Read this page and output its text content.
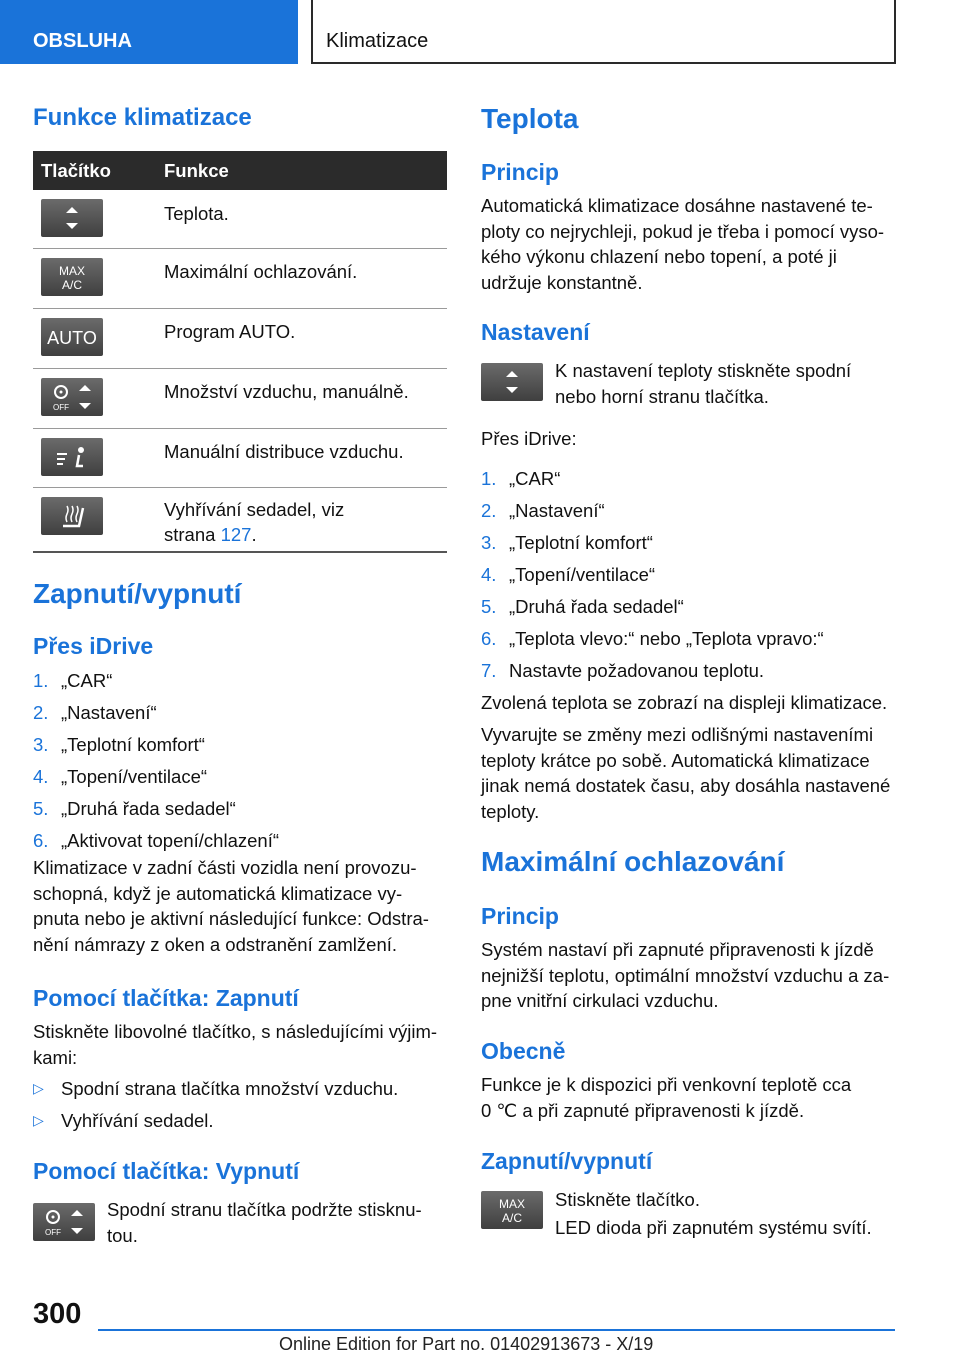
OBSLUHA	Klimatizace
Funkce klimatizace
Tlačítko	Funkce
Teplota.
MAX
A/C
Maximální ochlazování.
AUTO	Program AUTO.
OFF
Množství vzduchu, manuálně.
Manuální distribuce vzduchu.
Vyhřívání sedadel, viz
strana 127.
Zapnutí/vypnutí
Přes iDrive
1. „CAR“
2. „Nastavení“
3. „Teplotní komfort“
4. „Topení/ventilace“
5. „Druhá řada sedadel“
6. „Aktivovat topení/chlazení“

Klimatizace v zadní části vozidla není provozu-

schopná, když je automatická klimatizace vy-

pnuta nebo je aktivní následující funkce: Odstra-

nění námrazy z oken a odstranění zamlžení.

Pomocí tlačítka: Zapnutí

Stiskněte libovolné tlačítko, s následujícími výjim-

kami:

▷ Spodní strana tlačítka množství vzduchu.
▷ Vyhřívání sedadel.
Pomocí tlačítka: Vypnutí
OFF

Spodní stranu tlačítka podržte stisknu-

tou.

Teplota
Princip

Automatická klimatizace dosáhne nastavené te-

ploty co nejrychleji, pokud je třeba i pomocí vyso-

kého výkonu chlazení nebo topení, a poté ji

udržuje konstantně.

Nastavení

K nastavení teploty stiskněte spodní

nebo horní stranu tlačítka.

Přes iDrive:

1. „CAR“
2. „Nastavení“
3. „Teplotní komfort“
4. „Topení/ventilace“
5. „Druhá řada sedadel“
6. „Teplota vlevo:“ nebo „Teplota vpravo:“
7. Nastavte požadovanou teplotu.

Zvolená teplota se zobrazí na displeji klimatizace.

Vyvarujte se změny mezi odlišnými nastaveními

teploty krátce po sobě. Automatická klimatizace

jinak nemá dostatek času, aby dosáhla nastavené

teploty.

Maximální ochlazování
Princip

Systém nastaví při zapnuté připravenosti k jízdě

nejnižší teplotu, optimální množství vzduchu a za-

pne vnitřní cirkulaci vzduchu.

Obecně

Funkce je k dispozici při venkovní teplotě cca

0 ℃ a při zapnuté připravenosti k jízdě.

Zapnutí/vypnutí
MAX
A/C

Stiskněte tlačítko.

LED dioda při zapnutém systému svítí.

300
Online Edition for Part no. 01402913673 - X/19
